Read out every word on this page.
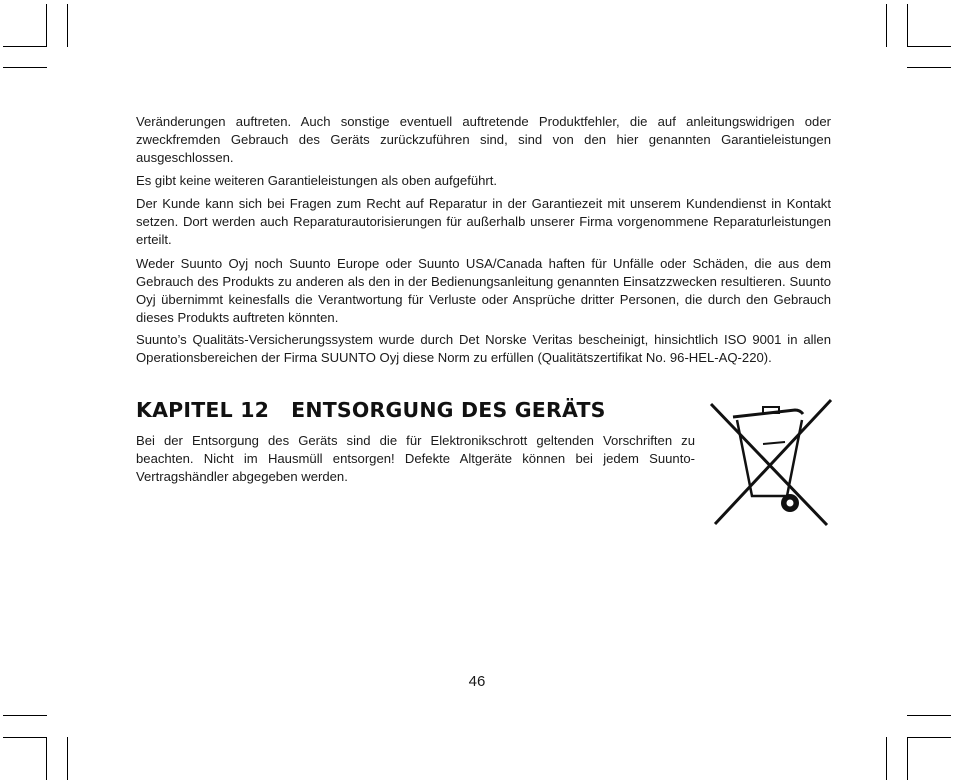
Veränderungen auftreten. Auch sonstige eventuell auftretende Produktfehler, die auf anleitungswidrigen oder zweckfremden Gebrauch des Geräts zurückzuführen sind, sind von den hier genannten Garantieleistungen ausgeschlossen.

Es gibt keine weiteren Garantieleistungen als oben aufgeführt.

Der Kunde kann sich bei Fragen zum Recht auf Reparatur in der Garantiezeit mit unserem Kundendienst in Kontakt setzen. Dort werden auch Reparaturautorisierungen für außerhalb unserer Firma vorgenommene Reparaturleistungen erteilt.

Weder Suunto Oyj noch Suunto Europe oder Suunto USA/Canada haften für Unfälle oder Schäden, die aus dem Gebrauch des Produkts zu anderen als den in der Bedienungsanleitung genannten Einsatzzwecken resultieren. Suunto Oyj übernimmt keinesfalls die Verantwortung für Verluste oder Ansprüche dritter Personen, die durch den Gebrauch dieses Produkts auftreten könnten.

Suunto’s Qualitäts-Versicherungssystem wurde durch Det Norske Veritas bescheinigt, hinsichtlich ISO 9001 in allen Operationsbereichen der Firma SUUNTO Oyj diese Norm zu erfüllen (Qualitätszertifikat No. 96-HEL-AQ-220).

KAPITEL 12   ENTSORGUNG DES GERÄTS

Bei der Entsorgung des Geräts sind die für Elektronikschrott geltenden Vorschriften zu beachten. Nicht im Hausmüll entsorgen! Defekte Altgeräte können bei jedem Suunto-Vertragshändler abgegeben werden.

46
